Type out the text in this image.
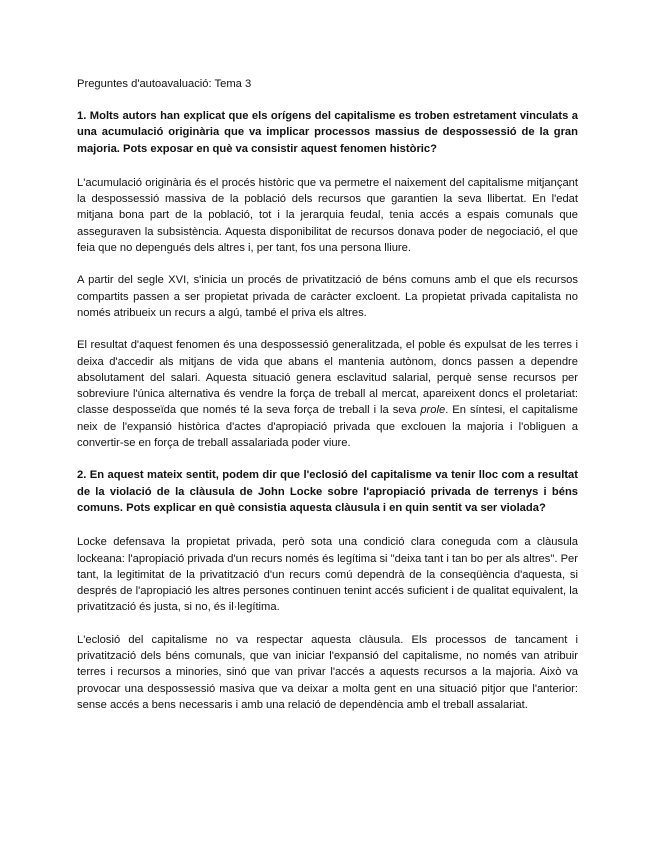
Preguntes d'autoavaluació: Tema 3

1. Molts autors han explicat que els orígens del capitalisme es troben estretament vinculats a una acumulació originària que va implicar processos massius de despossessió de la gran majoria. Pots exposar en què va consistir aquest fenomen històric?

L'acumulació originària és el procés històric que va permetre el naixement del capitalisme mitjançant la despossessió massiva de la població dels recursos que garantien la seva llibertat. En l'edat mitjana bona part de la població, tot i la jerarquia feudal, tenia accés a espais comunals que asseguraven la subsistència. Aquesta disponibilitat de recursos donava poder de negociació, el que feia que no depengués dels altres i, per tant, fos una persona lliure.

A partir del segle XVI, s'inicia un procés de privatització de béns comuns amb el que els recursos compartits passen a ser propietat privada de caràcter excloent. La propietat privada capitalista no només atribueix un recurs a algú, també el priva els altres.

El resultat d'aquest fenomen és una despossessió generalitzada, el poble és expulsat de les terres i deixa d'accedir als mitjans de vida que abans el mantenia autònom, doncs passen a dependre absolutament del salari. Aquesta situació genera esclavitud salarial, perquè sense recursos per sobreviure l'única alternativa és vendre la força de treball al mercat, apareixent doncs el proletariat: classe desposseïda que només té la seva força de treball i la seva prole. En síntesi, el capitalisme neix de l'expansió històrica d'actes d'apropiació privada que exclouen la majoria i l'obliguen a convertir-se en força de treball assalariada poder viure.

2. En aquest mateix sentit, podem dir que l'eclosió del capitalisme va tenir lloc com a resultat de la violació de la clàusula de John Locke sobre l'apropiació privada de terrenys i béns comuns. Pots explicar en què consistia aquesta clàusula i en quin sentit va ser violada?

Locke defensava la propietat privada, però sota una condició clara coneguda com a clàusula lockeana: l'apropiació privada d'un recurs només és legítima si "deixa tant i tan bo per als altres". Per tant, la legitimitat de la privatització d'un recurs comú dependrà de la conseqüència d'aquesta, si després de l'apropiació les altres persones continuen tenint accés suficient i de qualitat equivalent, la privatització és justa, si no, és il·legítima.

L'eclosió del capitalisme no va respectar aquesta clàusula. Els processos de tancament i privatització dels béns comunals, que van iniciar l'expansió del capitalisme, no només van atribuir terres i recursos a minories, sinó que van privar l'accés a aquests recursos a la majoria. Això va provocar una despossessió masiva que va deixar a molta gent en una situació pitjor que l'anterior: sense accés a bens necessaris i amb una relació de dependència amb el treball assalariat.
